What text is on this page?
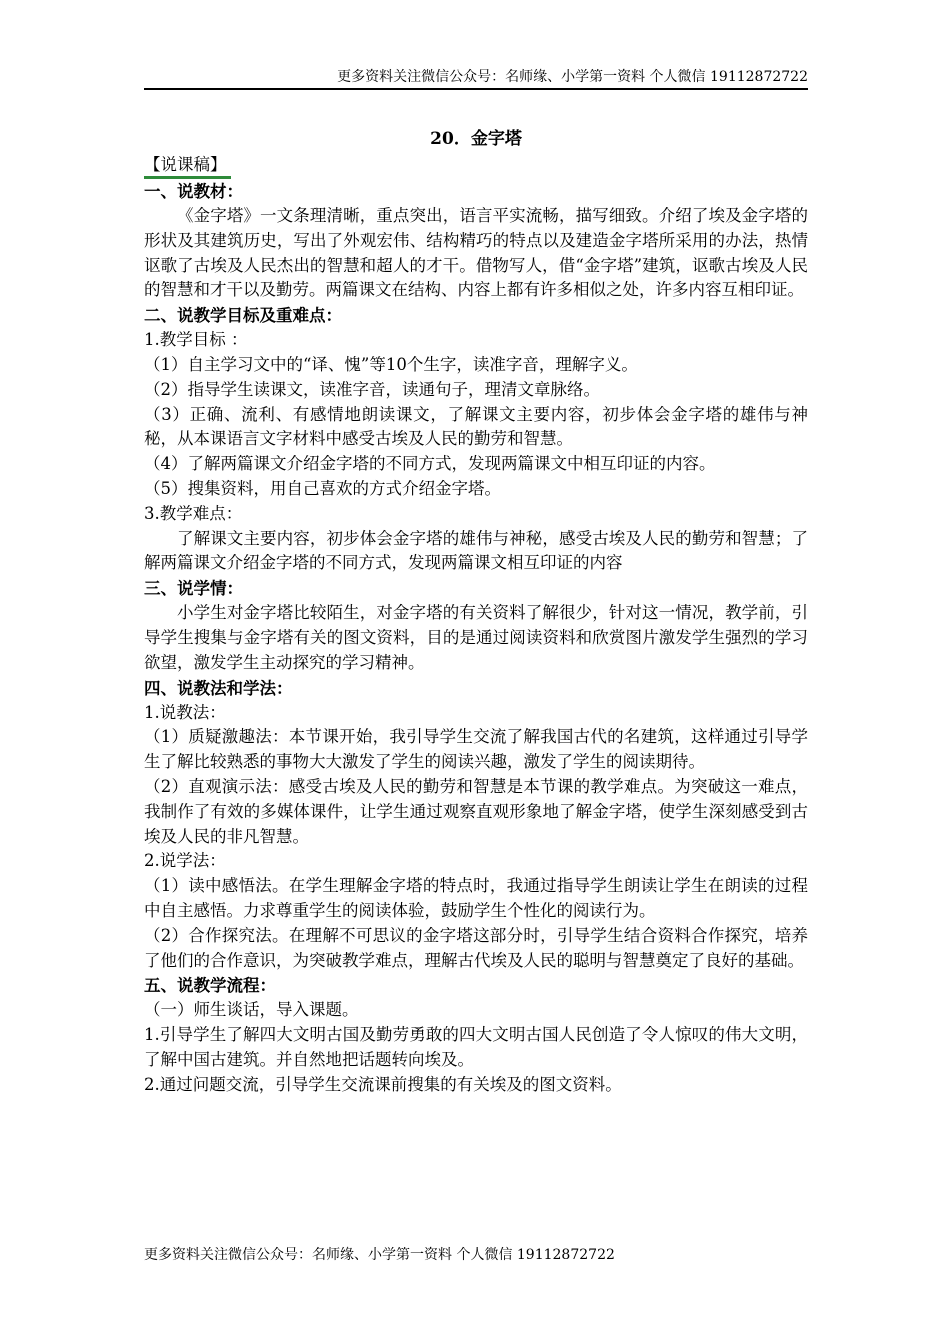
更多资料关注微信公众号：名师缘、小学第一资料 个人微信 19112872722
20．金字塔
【说课稿】
一、说教材：

《金字塔》一文条理清晰，重点突出，语言平实流畅，描写细致。介绍了埃及金字塔的形状及其建筑历史，写出了外观宏伟、结构精巧的特点以及建造金字塔所采用的办法，热情讴歌了古埃及人民杰出的智慧和超人的才干。借物写人，借“金字塔”建筑，讴歌古埃及人民的智慧和才干以及勤劳。两篇课文在结构、内容上都有许多相似之处，许多内容互相印证。

二、说教学目标及重难点：

1.教学目标 ：

（1）自主学习文中的“译、愧”等10个生字，读准字音，理解字义。

（2）指导学生读课文，读准字音，读通句子，理清文章脉络。

（3）正确、流利、有感情地朗读课文，了解课文主要内容，初步体会金字塔的雄伟与神秘，从本课语言文字材料中感受古埃及人民的勤劳和智慧。

（4）了解两篇课文介绍金字塔的不同方式，发现两篇课文中相互印证的内容。

（5）搜集资料，用自己喜欢的方式介绍金字塔。

3.教学难点：

了解课文主要内容，初步体会金字塔的雄伟与神秘，感受古埃及人民的勤劳和智慧；了解两篇课文介绍金字塔的不同方式，发现两篇课文相互印证的内容

三、说学情：

小学生对金字塔比较陌生，对金字塔的有关资料了解很少，针对这一情况，教学前，引导学生搜集与金字塔有关的图文资料，目的是通过阅读资料和欣赏图片激发学生强烈的学习欲望，激发学生主动探究的学习精神。

四、说教法和学法：

1.说教法：

（1）质疑激趣法：本节课开始，我引导学生交流了解我国古代的名建筑，这样通过引导学生了解比较熟悉的事物大大激发了学生的阅读兴趣，激发了学生的阅读期待。

（2）直观演示法：感受古埃及人民的勤劳和智慧是本节课的教学难点。为突破这一难点，我制作了有效的多媒体课件，让学生通过观察直观形象地了解金字塔，使学生深刻感受到古埃及人民的非凡智慧。

2.说学法：

（1）读中感悟法。在学生理解金字塔的特点时，我通过指导学生朗读让学生在朗读的过程中自主感悟。力求尊重学生的阅读体验，鼓励学生个性化的阅读行为。

（2）合作探究法。在理解不可思议的金字塔这部分时，引导学生结合资料合作探究，培养了他们的合作意识，为突破教学难点，理解古代埃及人民的聪明与智慧奠定了良好的基础。

五、说教学流程：

（一）师生谈话，导入课题。

1.引导学生了解四大文明古国及勤劳勇敢的四大文明古国人民创造了令人惊叹的伟大文明，了解中国古建筑。并自然地把话题转向埃及。

2.通过问题交流，引导学生交流课前搜集的有关埃及的图文资料。

更多资料关注微信公众号：名师缘、小学第一资料 个人微信 19112872722
